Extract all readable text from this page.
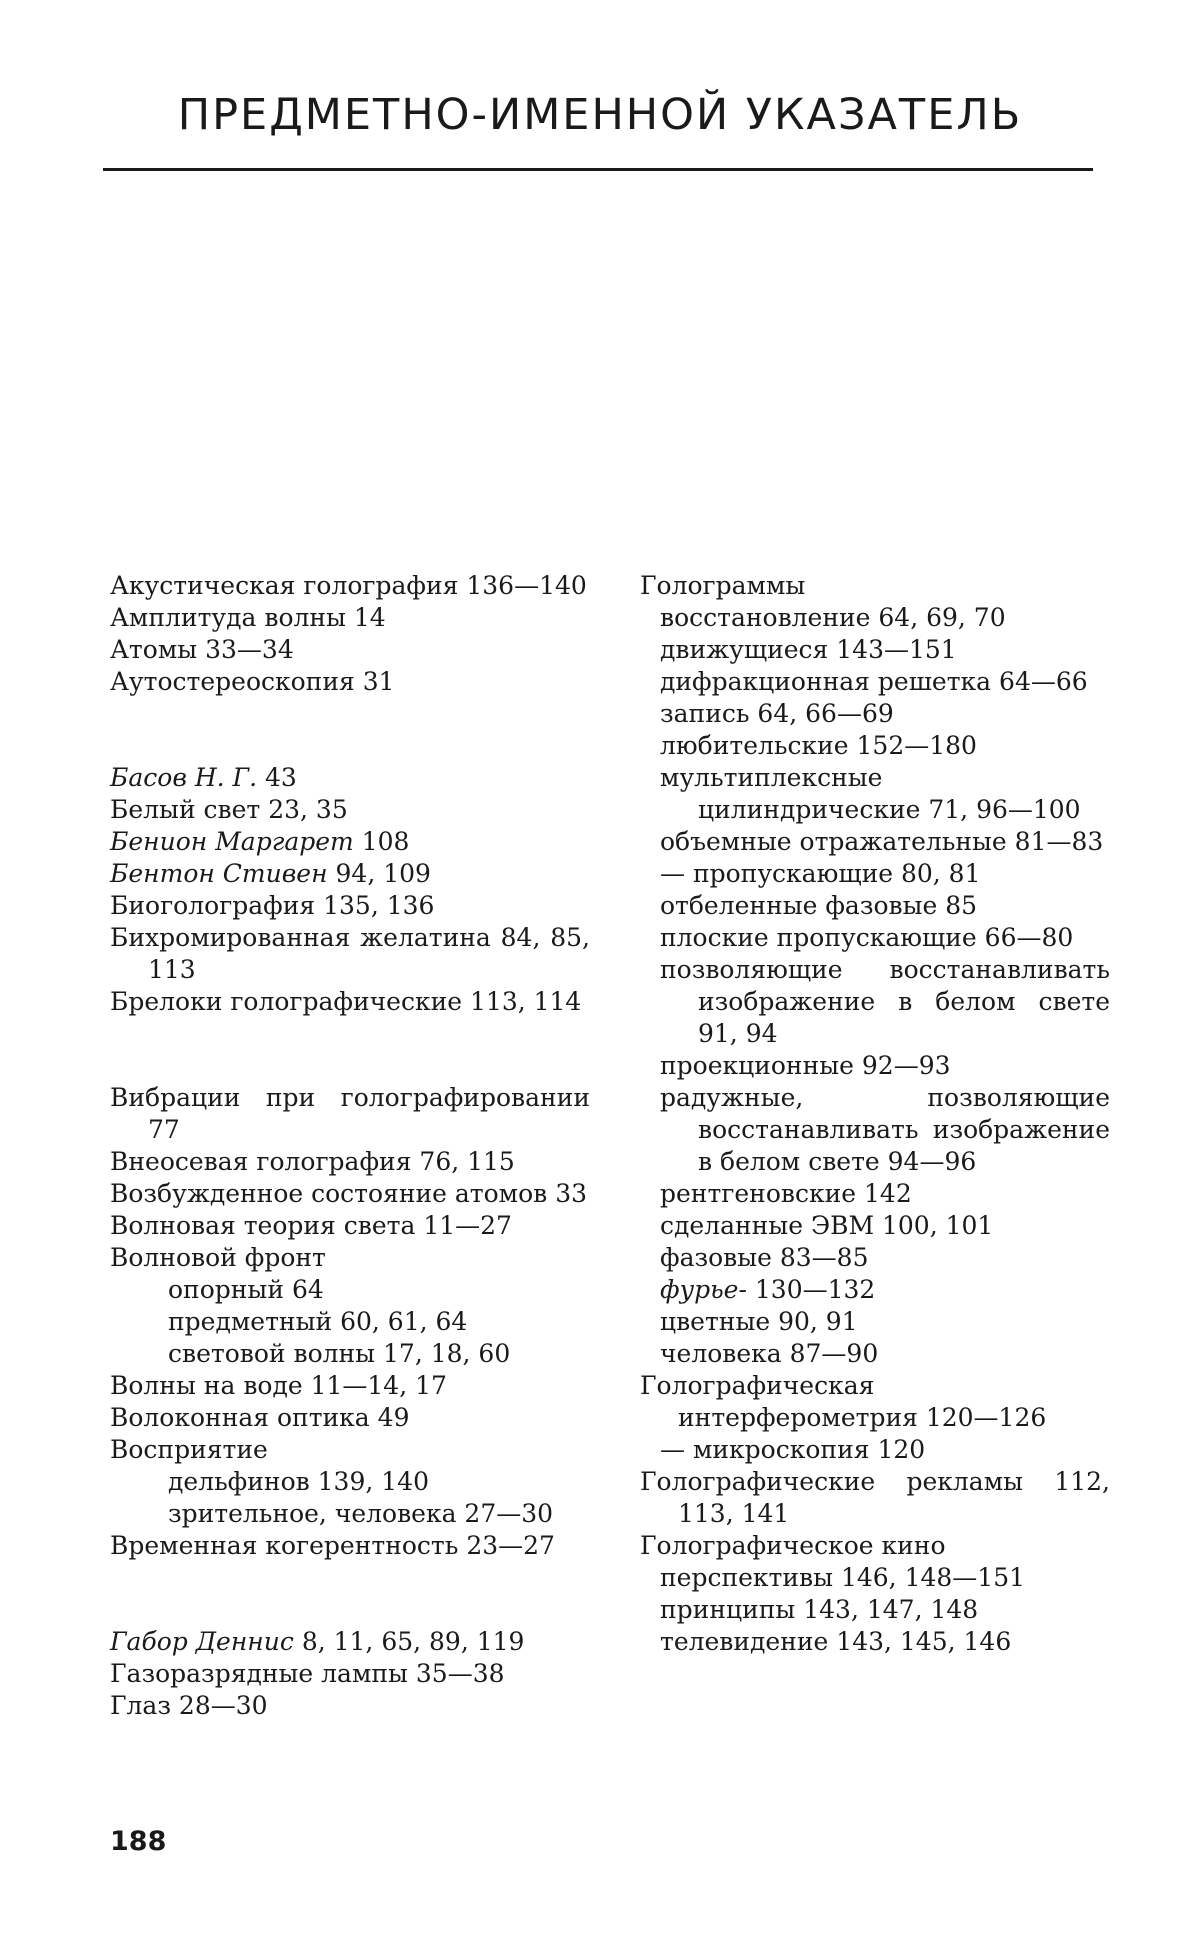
ПРЕДМЕТНО-ИМЕННОЙ УКАЗАТЕЛЬ
Акустическая голография 136—140
Амплитуда волны 14
Атомы 33—34
Аутостереоскопия 31
Басов Н. Г. 43
Белый свет 23, 35
Бенион Маргарет 108
Бентон Стивен 94, 109
Биоголография 135, 136
Бихромированная желатина 84, 85, 113
Брелоки голографические 113, 114
Вибрации при голографировании 77
Внеосевая голография 76, 115
Возбужденное состояние атомов 33
Волновая теория света 11—27
Волновой фронт
опорный 64
предметный 60, 61, 64
световой волны 17, 18, 60
Волны на воде 11—14, 17
Волоконная оптика 49
Восприятие
дельфинов 139, 140
зрительное, человека 27—30
Временная когерентность 23—27
Габор Деннис 8, 11, 65, 89, 119
Газоразрядные лампы 35—38
Глаз 28—30
Голограммы
восстановление 64, 69, 70
движущиеся 143—151
дифракционная решетка 64—66
запись 64, 66—69
любительские 152—180
мультиплексные цилиндрические 71, 96—100
объемные отражательные 81—83
— пропускающие 80, 81
отбеленные фазовые 85
плоские пропускающие 66—80
позволяющие восстанавливать изображение в белом свете 91, 94
проекционные 92—93
радужные, позволяющие восстанавливать изображение в белом свете 94—96
рентгеновские 142
сделанные ЭВМ 100, 101
фазовые 83—85
фурье- 130—132
цветные 90, 91
человека 87—90
Голографическая интерферометрия 120—126
— микроскопия 120
Голографические рекламы 112, 113, 141
Голографическое кино
перспективы 146, 148—151
принципы 143, 147, 148
телевидение 143, 145, 146
188
